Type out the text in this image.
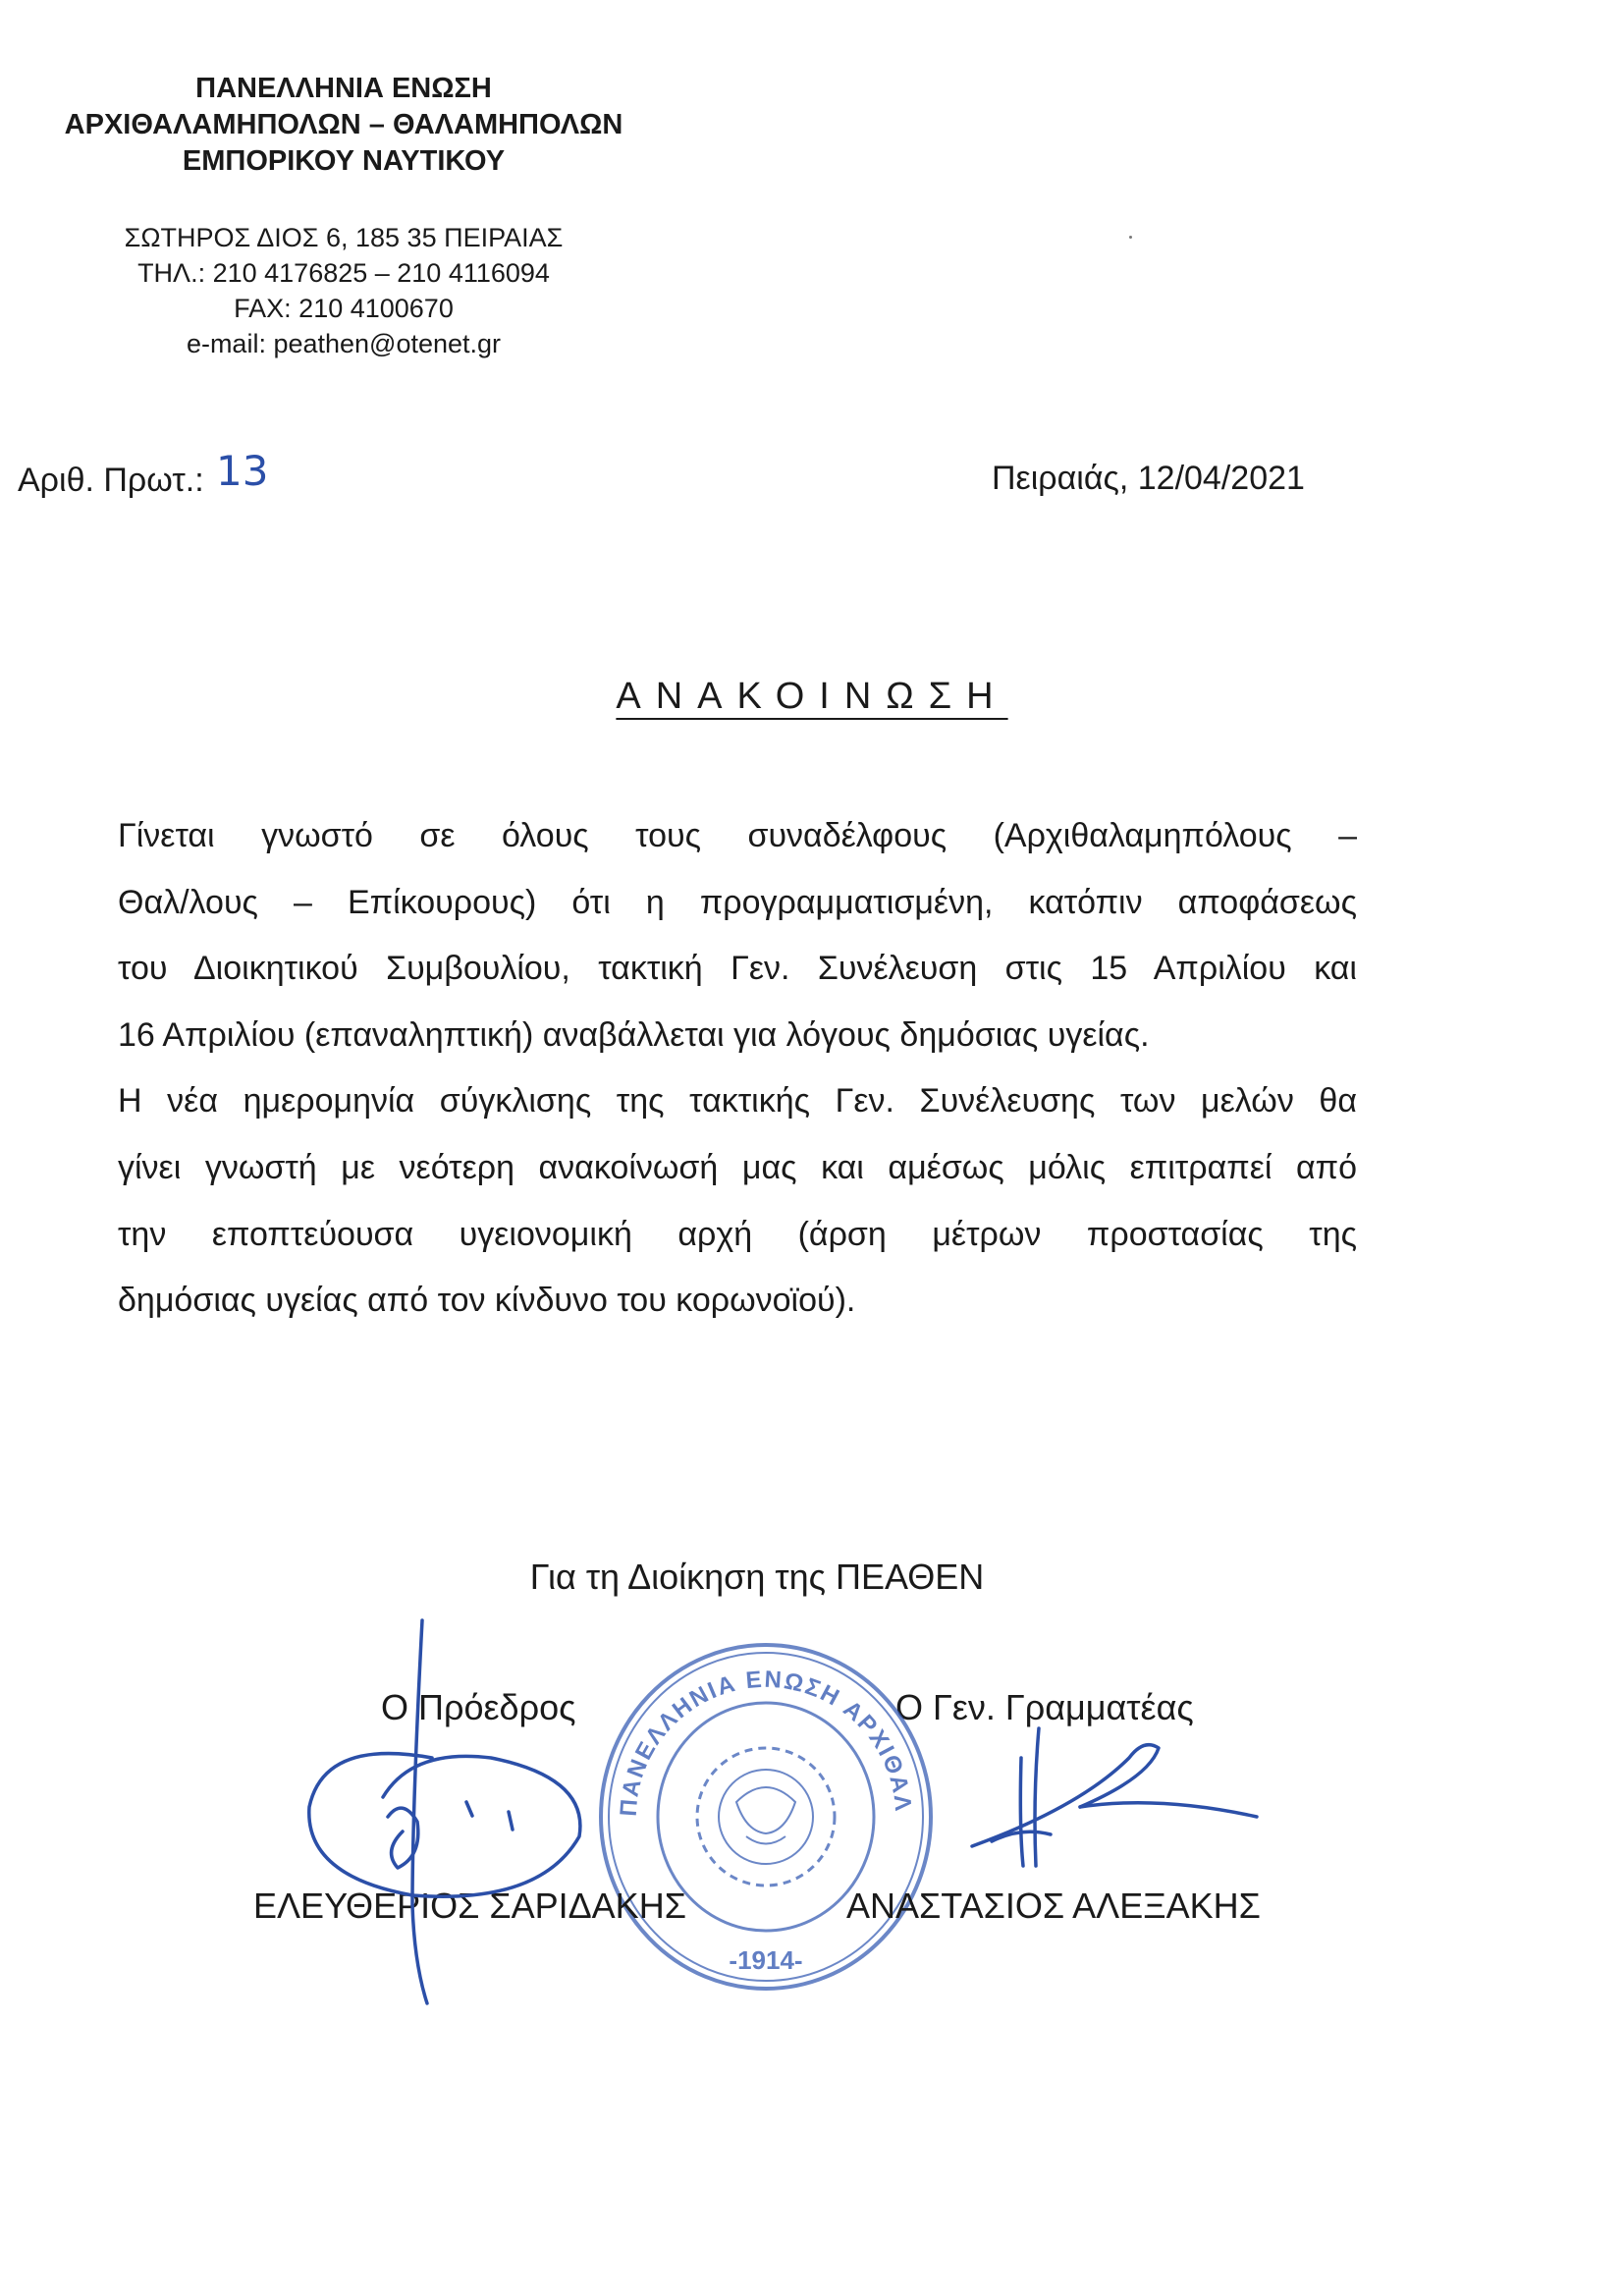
ΠΑΝΕΛΛΗΝΙΑ ΕΝΩΣΗ
ΑΡΧΙΘΑΛΑΜΗΠΟΛΩΝ – ΘΑΛΑΜΗΠΟΛΩΝ
ΕΜΠΟΡΙΚΟΥ ΝΑΥΤΙΚΟΥ
ΣΩΤΗΡΟΣ ΔΙΟΣ 6, 185 35 ΠΕΙΡΑΙΑΣ
ΤΗΛ.: 210 4176825 – 210 4116094
FAX: 210 4100670
e-mail: peathen@otenet.gr
Αριθ. Πρωτ.: 13	Πειραιάς, 12/04/2021
ΑΝΑΚΟΙΝΩΣΗ
Γίνεται γνωστό σε όλους τους συναδέλφους (Αρχιθαλαμηπόλους –
Θαλ/λους – Επίκουρους) ότι η προγραμματισμένη, κατόπιν αποφάσεως
του Διοικητικού Συμβουλίου, τακτική Γεν. Συνέλευση στις 15 Απριλίου και
16 Απριλίου (επαναληπτική) αναβάλλεται για λόγους δημόσιας υγείας.
Η νέα ημερομηνία σύγκλισης της τακτικής Γεν. Συνέλευσης των μελών θα
γίνει γνωστή με νεότερη ανακοίνωσή μας και αμέσως μόλις επιτραπεί από
την εποπτεύουσα υγειονομική αρχή (άρση μέτρων προστασίας της
δημόσιας υγείας από τον κίνδυνο του κορωνοϊού).
Για τη Διοίκηση της ΠΕΑΘΕΝ
Ο Πρόεδρος	Ο Γεν. Γραμματέας
ΠΑΝΕΛΛΗΝΙΑ ΕΝΩΣΗ ΑΡΧΙΘΑΛΑΜΗΠΟΛΩΝ ΕΜΠΟΡΙΚΟΥ ΝΑΥΤΙΚΟΥ
-1914-
ΕΛΕΥΘΕΡΙΟΣ ΣΑΡΙΔΑΚΗΣ	ΑΝΑΣΤΑΣΙΟΣ ΑΛΕΞΑΚΗΣ
